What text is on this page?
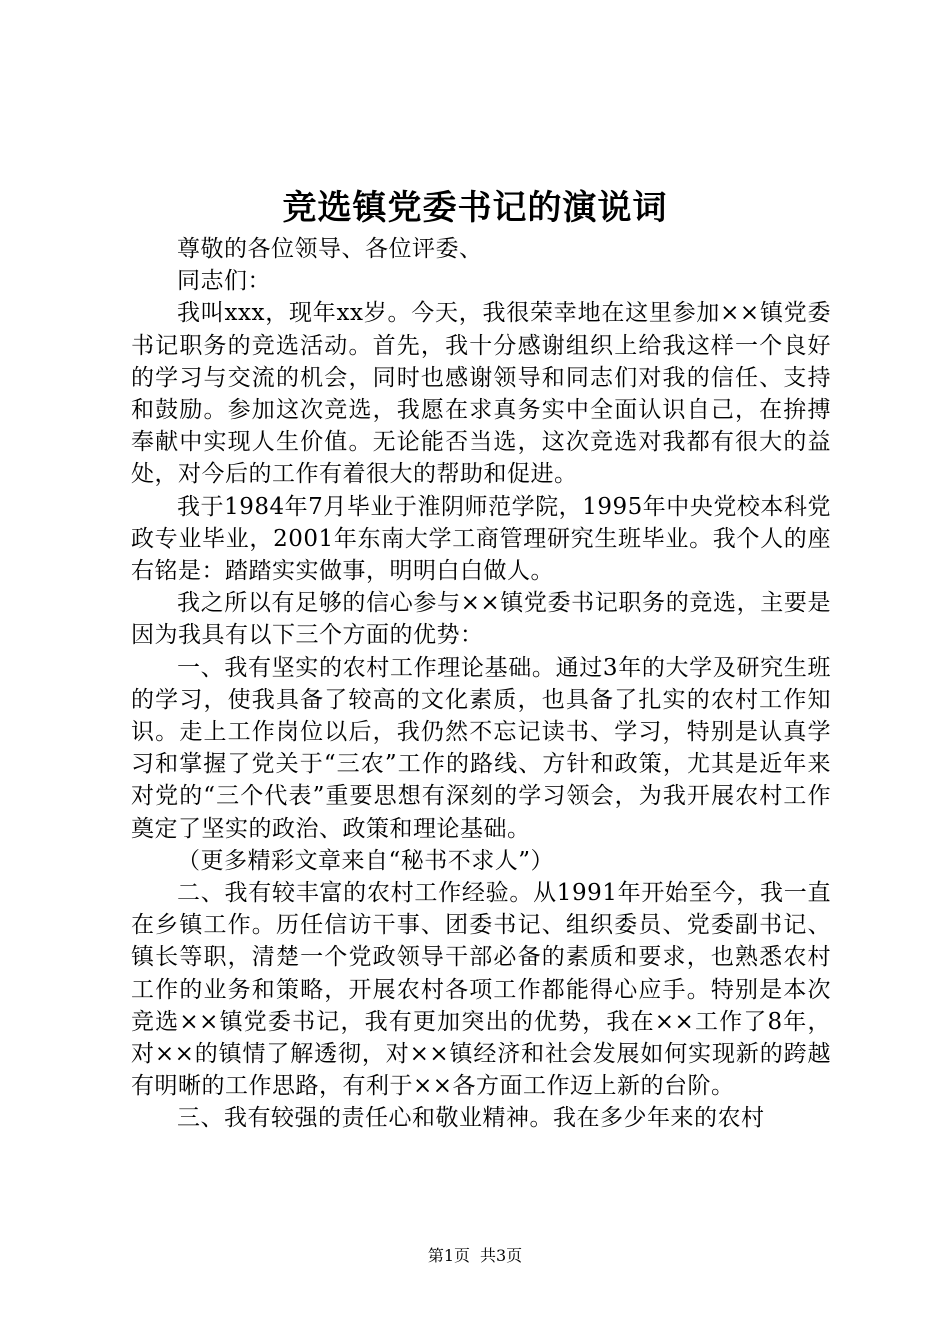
竞选镇党委书记的演说词

尊敬的各位领导、各位评委、

同志们：

我叫xxx，现年xx岁。今天，我很荣幸地在这里参加××镇党委书记职务的竞选活动。首先，我十分感谢组织上给我这样一个良好的学习与交流的机会，同时也感谢领导和同志们对我的信任、支持和鼓励。参加这次竞选，我愿在求真务实中全面认识自己，在拚搏奉献中实现人生价值。无论能否当选，这次竞选对我都有很大的益处，对今后的工作有着很大的帮助和促进。

我于1984年7月毕业于淮阴师范学院，1995年中央党校本科党政专业毕业，2001年东南大学工商管理研究生班毕业。我个人的座右铭是：踏踏实实做事，明明白白做人。

我之所以有足够的信心参与××镇党委书记职务的竞选，主要是因为我具有以下三个方面的优势：

一、我有坚实的农村工作理论基础。通过3年的大学及研究生班的学习，使我具备了较高的文化素质，也具备了扎实的农村工作知识。走上工作岗位以后，我仍然不忘记读书、学习，特别是认真学习和掌握了党关于“三农”工作的路线、方针和政策，尤其是近年来对党的“三个代表”重要思想有深刻的学习领会，为我开展农村工作奠定了坚实的政治、政策和理论基础。

（更多精彩文章来自“秘书不求人”）

二、我有较丰富的农村工作经验。从1991年开始至今，我一直在乡镇工作。历任信访干事、团委书记、组织委员、党委副书记、镇长等职，清楚一个党政领导干部必备的素质和要求，也熟悉农村工作的业务和策略，开展农村各项工作都能得心应手。特别是本次竞选××镇党委书记，我有更加突出的优势，我在××工作了8年，对××的镇情了解透彻，对××镇经济和社会发展如何实现新的跨越有明晰的工作思路，有利于××各方面工作迈上新的台阶。

三、我有较强的责任心和敬业精神。我在多少年来的农村

第1页 共3页
